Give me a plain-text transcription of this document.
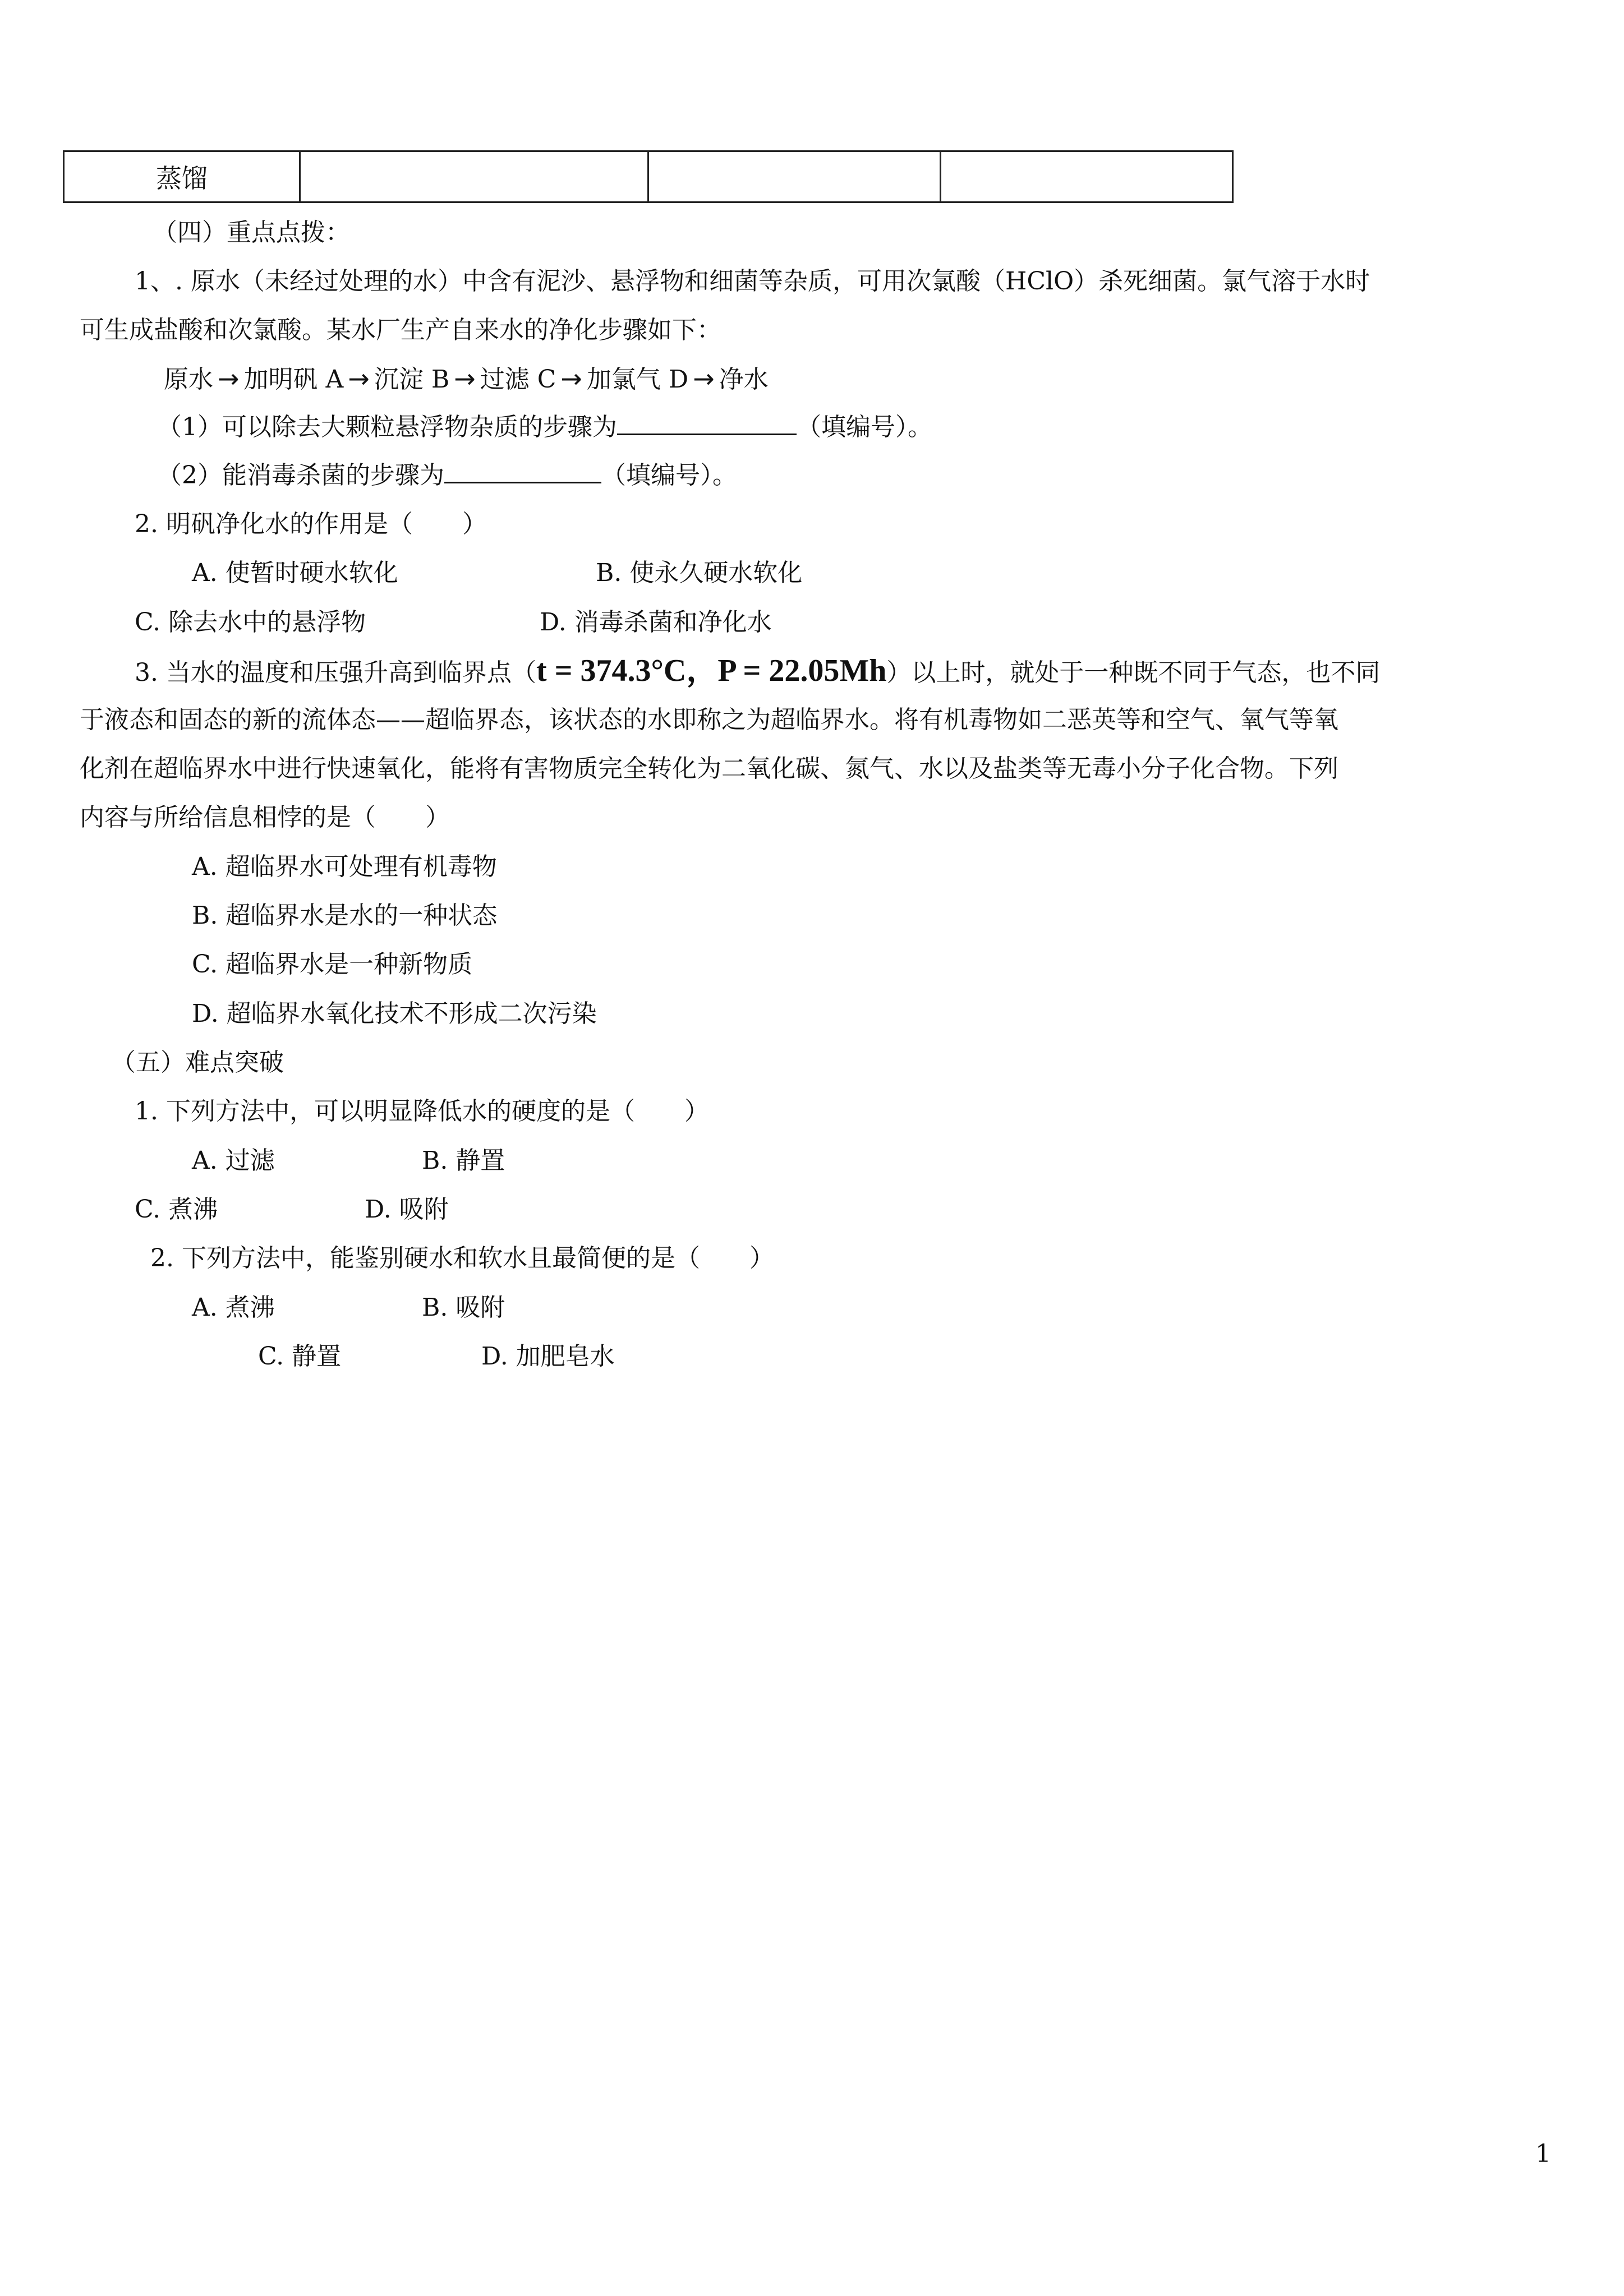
蒸馏			
（四）重点点拨：
1、. 原水（未经过处理的水）中含有泥沙、悬浮物和细菌等杂质，可用次氯酸（HClO）杀死细菌。氯气溶于水时
可生成盐酸和次氯酸。某水厂生产自来水的净化步骤如下：
原水 → 加明矾 A → 沉淀 B → 过滤 C → 加氯气 D → 净水
（1）可以除去大颗粒悬浮物杂质的步骤为	（填编号）。
（2）能消毒杀菌的步骤为	（填编号）。
2. 明矾净化水的作用是（　　）
A. 使暂时硬水软化	B. 使永久硬水软化
C. 除去水中的悬浮物	D. 消毒杀菌和净化水
3. 当水的温度和压强升高到临界点（t = 374.3°C，P = 22.05Mh）以上时，就处于一种既不同于气态，也不同
于液态和固态的新的流体态——超临界态，该状态的水即称之为超临界水。将有机毒物如二恶英等和空气、氧气等氧
化剂在超临界水中进行快速氧化，能将有害物质完全转化为二氧化碳、氮气、水以及盐类等无毒小分子化合物。下列
内容与所给信息相悖的是（　　）
A. 超临界水可处理有机毒物
B. 超临界水是水的一种状态
C. 超临界水是一种新物质
D. 超临界水氧化技术不形成二次污染
（五）难点突破
1. 下列方法中，可以明显降低水的硬度的是（　　）
A. 过滤	B. 静置
C. 煮沸	D. 吸附
2. 下列方法中，能鉴别硬水和软水且最简便的是（　　）
A. 煮沸	B. 吸附
C. 静置	D. 加肥皂水
1
